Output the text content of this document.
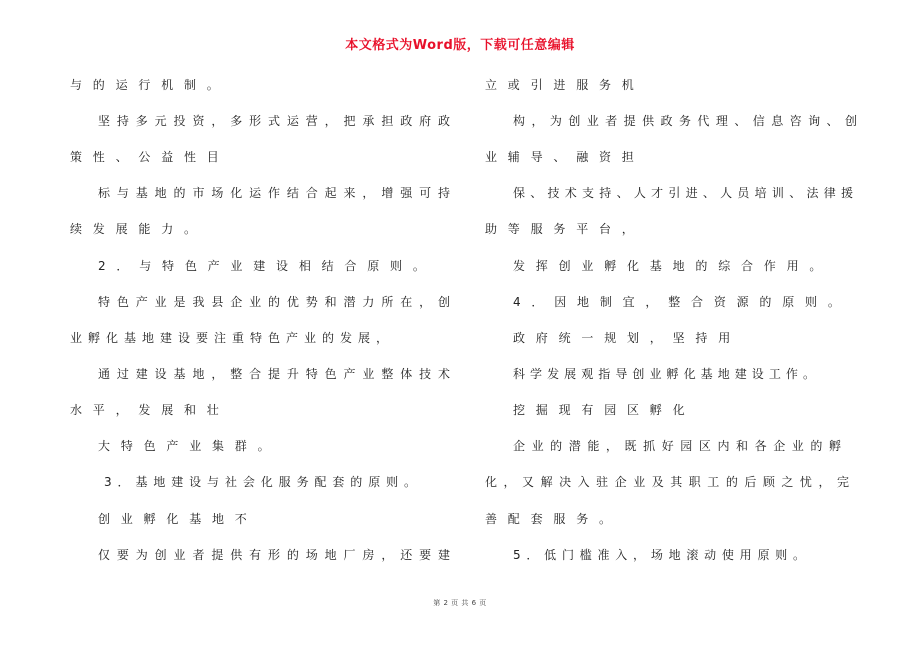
本文格式为Word版，下载可任意编辑
与的运行机制。
坚持多元投资，多形式运营，把承担政府政
策性、公益性目
标与基地的市场化运作结合起来，增强可持
续发展能力。
2．与特色产业建设相结合原则。
特色产业是我县企业的优势和潜力所在，创
业孵化基地建设要注重特色产业的发展，
通过建设基地，整合提升特色产业整体技术
水平，发展和壮
大特色产业集群。
3．基地建设与社会化服务配套的原则。
创业孵化基地不
仅要为创业者提供有形的场地厂房，还要建
立或引进服务机
构，为创业者提供政务代理、信息咨询、创
业辅导、融资担
保、技术支持、人才引进、人员培训、法律援
助等服务平台，
发挥创业孵化基地的综合作用。
4．因地制宜，整合资源的原则。
政府统一规划，坚持用
科学发展观指导创业孵化基地建设工作。
挖掘现有园区孵化
企业的潜能，既抓好园区内和各企业的孵
化，又解决入驻企业及其职工的后顾之忧，完
善配套服务。
5．低门槛准入，场地滚动使用原则。
第 2 页 共 6 页
